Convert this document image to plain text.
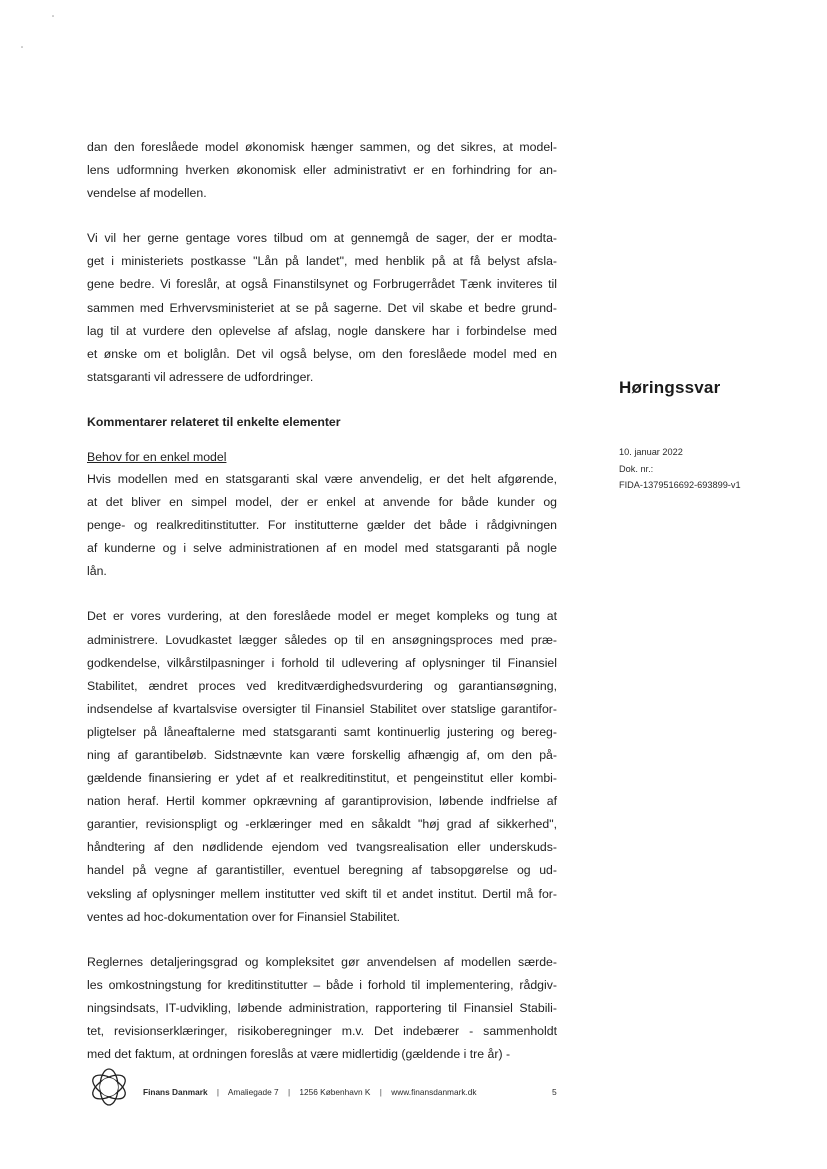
dan den foreslåede model økonomisk hænger sammen, og det sikres, at model-
lens udformning hverken økonomisk eller administrativt er en forhindring for an-
vendelse af modellen.

Vi vil her gerne gentage vores tilbud om at gennemgå de sager, der er modta-
get i ministeriets postkasse "Lån på landet", med henblik på at få belyst afsla-
gene bedre. Vi foreslår, at også Finanstilsynet og Forbrugerrådet Tænk inviteres til
sammen med Erhvervsministeriet at se på sagerne. Det vil skabe et bedre grund-
lag til at vurdere den oplevelse af afslag, nogle danskere har i forbindelse med
et ønske om et boliglån. Det vil også belyse, om den foreslåede model med en
statsgaranti vil adressere de udfordringer.

Kommentarer relateret til enkelte elementer
Behov for en enkel model

Hvis modellen med en statsgaranti skal være anvendelig, er det helt afgørende,
at det bliver en simpel model, der er enkel at anvende for både kunder og
penge- og realkreditinstitutter. For institutterne gælder det både i rådgivningen
af kunderne og i selve administrationen af en model med statsgaranti på nogle
lån.

Det er vores vurdering, at den foreslåede model er meget kompleks og tung at
administrere. Lovudkastet lægger således op til en ansøgningsproces med præ-
godkendelse, vilkårstilpasninger i forhold til udlevering af oplysninger til Finansiel
Stabilitet, ændret proces ved kreditværdighedsvurdering og garantiansøgning,
indsendelse af kvartalsvise oversigter til Finansiel Stabilitet over statslige garantifor-
pligtelser på låneaftalerne med statsgaranti samt kontinuerlig justering og bereg-
ning af garantibeløb. Sidstnævnte kan være forskellig afhængig af, om den på-
gældende finansiering er ydet af et realkreditinstitut, et pengeinstitut eller kombi-
nation heraf. Hertil kommer opkrævning af garantiprovision, løbende indfrielse af
garantier, revisionspligt og -erklæringer med en såkaldt "høj grad af sikkerhed",
håndtering af den nødlidende ejendom ved tvangsrealisation eller underskuds-
handel på vegne af garantistiller, eventuel beregning af tabsopgørelse og ud-
veksling af oplysninger mellem institutter ved skift til et andet institut. Dertil må for-
ventes ad hoc-dokumentation over for Finansiel Stabilitet.

Reglernes detaljeringsgrad og kompleksitet gør anvendelsen af modellen særde-
les omkostningstung for kreditinstitutter – både i forhold til implementering, rådgiv-
ningsindsats, IT-udvikling, løbende administration, rapportering til Finansiel Stabili-
tet, revisionserklæringer, risikoberegninger m.v. Det indebærer - sammenholdt
med det faktum, at ordningen foreslås at være midlertidig (gældende i tre år) -

Høringssvar
10. januar 2022
Dok. nr.:
FIDA-1379516692-693899-v1
Finans Danmark | Amaliegade 7 | 1256 København K | www.finansdanmark.dk	5
